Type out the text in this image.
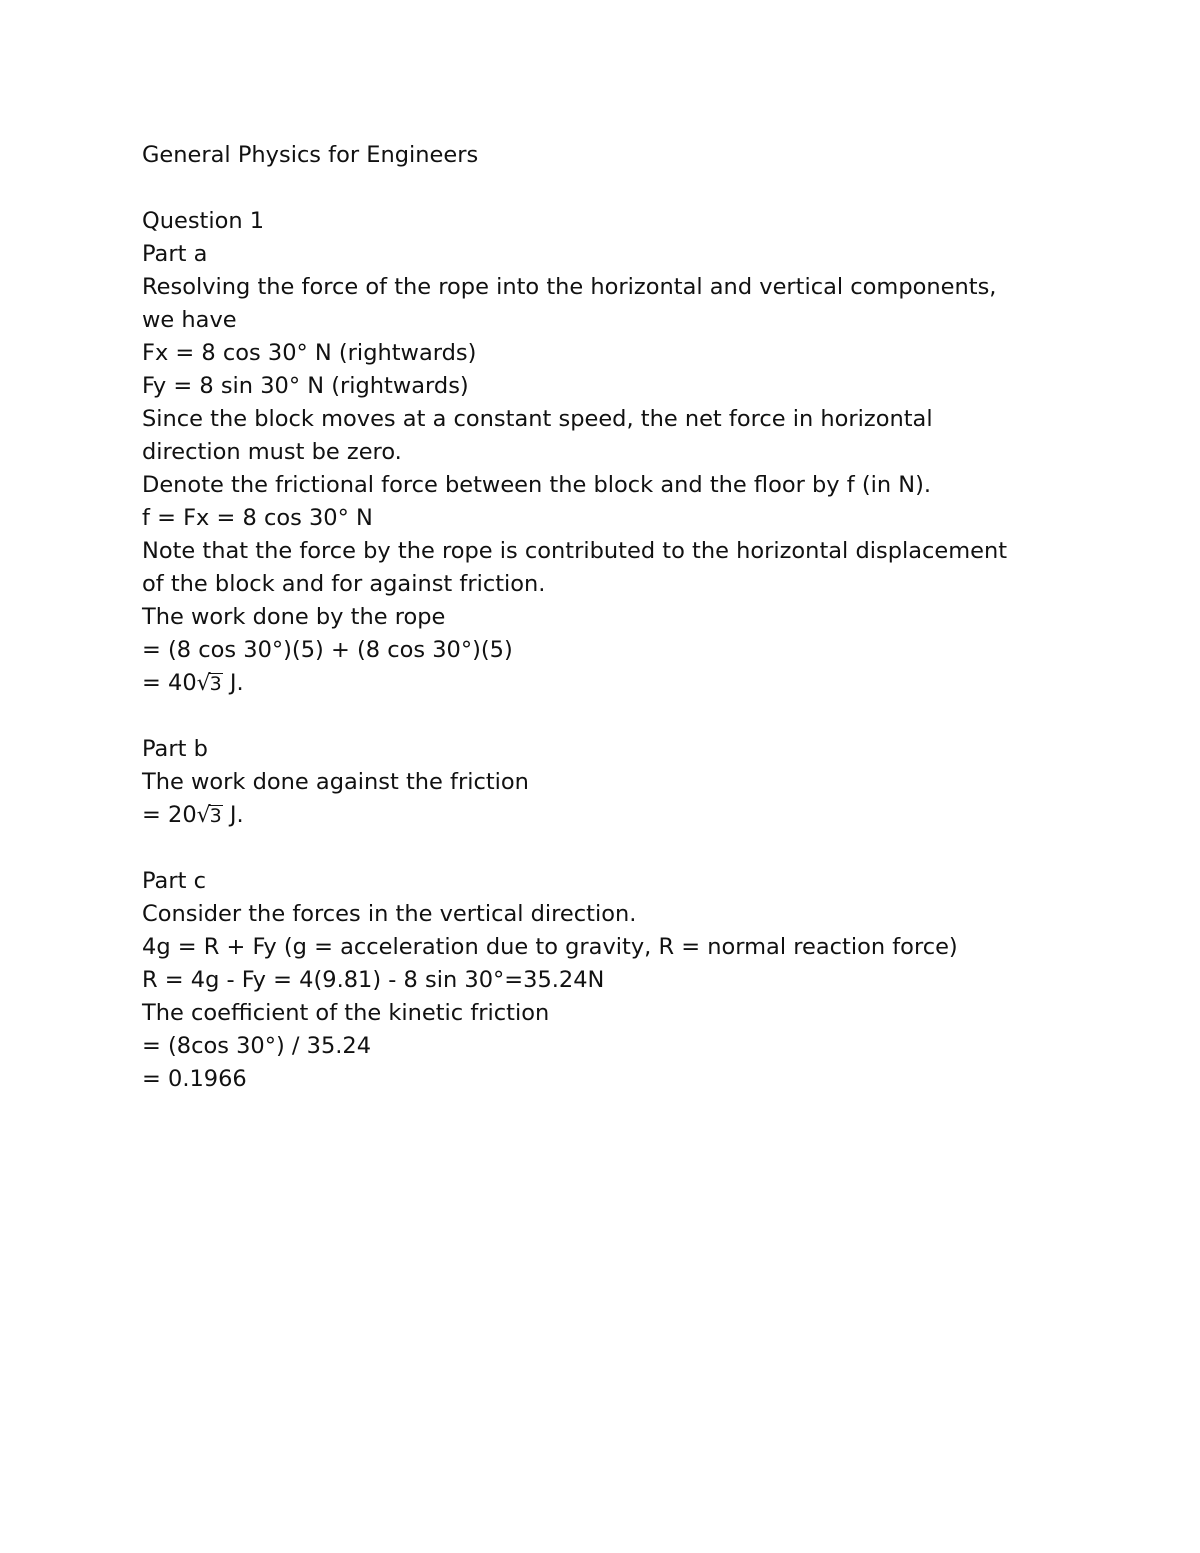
General Physics for Engineers
Question 1
Part a
Resolving the force of the rope into the horizontal and vertical components,
we have
Fx = 8 cos 30° N (rightwards)
Fy = 8 sin 30° N (rightwards)
Since the block moves at a constant speed, the net force in horizontal
direction must be zero.
Denote the frictional force between the block and the floor by f (in N).
f = Fx = 8 cos 30° N
Note that the force by the rope is contributed to the horizontal displacement
of the block and for against friction.
The work done by the rope
= (8 cos 30°)(5) + (8 cos 30°)(5)
= 40√3 J.
Part b
The work done against the friction
= 20√3 J.
Part c
Consider the forces in the vertical direction.
4g = R + Fy (g = acceleration due to gravity, R = normal reaction force)
R = 4g - Fy = 4(9.81) - 8 sin 30°=35.24N
The coefficient of the kinetic friction
= (8cos 30°) / 35.24
= 0.1966
